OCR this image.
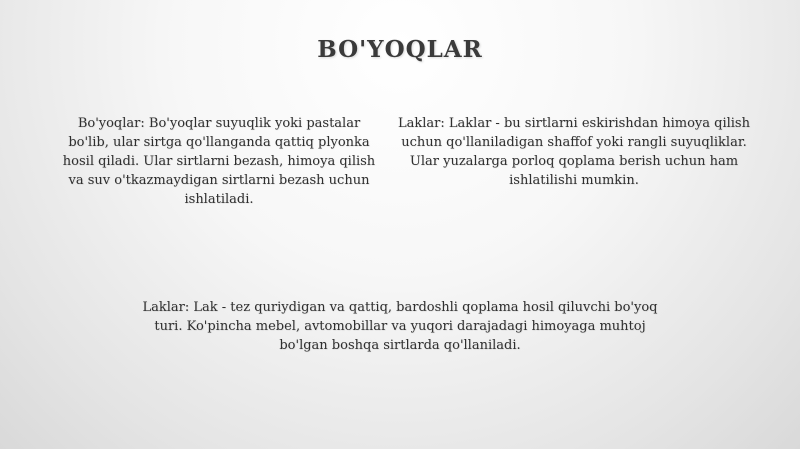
BO'YOQLAR
Bo'yoqlar: Bo'yoqlar suyuqlik yoki pastalar bo'lib, ular sirtga qo'llanganda qattiq plyonka hosil qiladi. Ular sirtlarni bezash, himoya qilish va suv o'tkazmaydigan sirtlarni bezash uchun ishlatiladi.
Laklar: Laklar - bu sirtlarni eskirishdan himoya qilish uchun qo'llaniladigan shaffof yoki rangli suyuqliklar. Ular yuzalarga porloq qoplama berish uchun ham ishlatilishi mumkin.
Laklar: Lak - tez quriydigan va qattiq, bardoshli qoplama hosil qiluvchi bo'yoq turi. Ko'pincha mebel, avtomobillar va yuqori darajadagi himoyaga muhtoj bo'lgan boshqa sirtlarda qo'llaniladi.
